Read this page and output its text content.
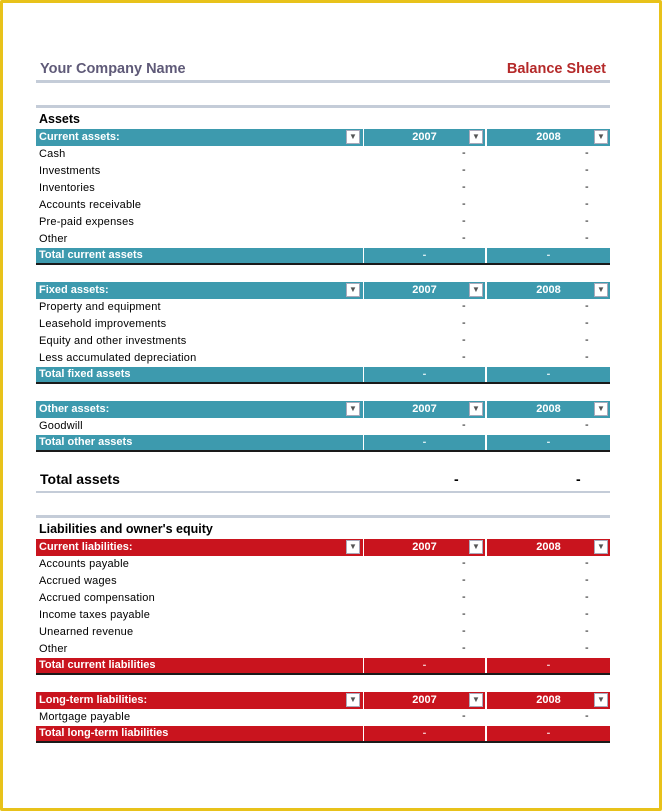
Your Company Name	Balance Sheet
Assets
Current assets:	▼	2007	▼	2008	▼
Cash	-	-
Investments	-	-
Inventories	-	-
Accounts receivable	-	-
Pre-paid expenses	-	-
Other	-	-
Total current assets	-	-
Fixed assets:	▼	2007	▼	2008	▼
Property and equipment	-	-
Leasehold improvements	-	-
Equity and other investments	-	-
Less accumulated depreciation	-	-
Total fixed assets	-	-
Other assets:	▼	2007	▼	2008	▼
Goodwill	-	-
Total other assets	-	-
Total assets	-	-
Liabilities and owner's equity
Current liabilities:	▼	2007	▼	2008	▼
Accounts payable	-	-
Accrued wages	-	-
Accrued compensation	-	-
Income taxes payable	-	-
Unearned revenue	-	-
Other	-	-
Total current liabilities	-	-
Long-term liabilities:	▼	2007	▼	2008	▼
Mortgage payable	-	-
Total long-term liabilities	-	-
